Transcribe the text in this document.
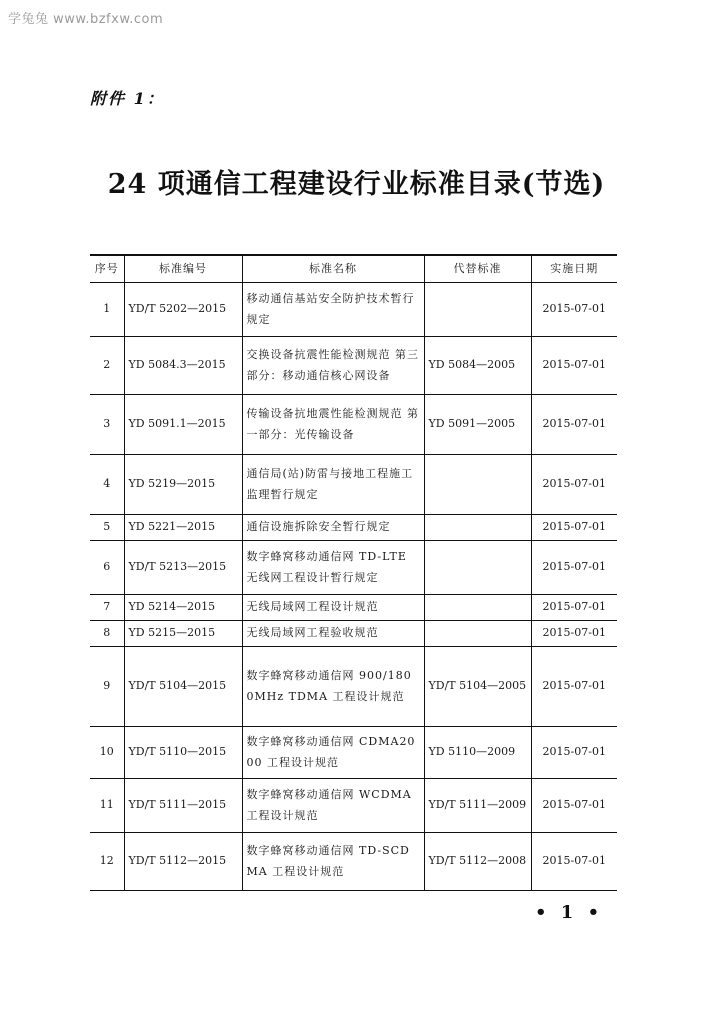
学兔兔 www.bzfxw.com
附件 1：
24 项通信工程建设行业标准目录(节选)
序号	标准编号	标准名称	代替标准	实施日期
1	YD/T 5202—2015	移动通信基站安全防护技术暂行规定		2015-07-01
2	YD 5084.3—2015	交换设备抗震性能检测规范 第三部分：移动通信核心网设备	YD 5084—2005	2015-07-01
3	YD 5091.1—2015	传输设备抗地震性能检测规范 第一部分：光传输设备	YD 5091—2005	2015-07-01
4	YD 5219—2015	通信局(站)防雷与接地工程施工监理暂行规定		2015-07-01
5	YD 5221—2015	通信设施拆除安全暂行规定		2015-07-01
6	YD/T 5213—2015	数字蜂窝移动通信网 TD-LTE 无线网工程设计暂行规定		2015-07-01
7	YD 5214—2015	无线局域网工程设计规范		2015-07-01
8	YD 5215—2015	无线局域网工程验收规范		2015-07-01
9	YD/T 5104—2015	数字蜂窝移动通信网 900/1800MHz TDMA 工程设计规范	YD/T 5104—2005	2015-07-01
10	YD/T 5110—2015	数字蜂窝移动通信网 CDMA2000 工程设计规范	YD 5110—2009	2015-07-01
11	YD/T 5111—2015	数字蜂窝移动通信网 WCDMA 工程设计规范	YD/T 5111—2009	2015-07-01
12	YD/T 5112—2015	数字蜂窝移动通信网 TD-SCDMA 工程设计规范	YD/T 5112—2008	2015-07-01
• 1 •
